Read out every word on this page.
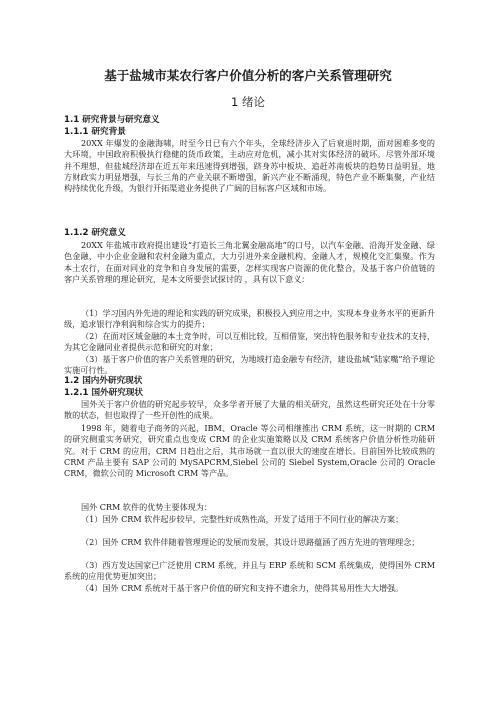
基于盐城市某农行客户价值分析的客户关系管理研究
1 绪论
1.1 研究背景与研究意义
1.1.1 研究背景

20XX 年爆发的金融海啸，时至今日已有六个年头，全球经济步入了后衰退时期，面对困难多变的大环境，中国政府积极执行稳健的货币政策，主动应对危机，减小其对实体经济的破坏。尽管外部环境并不理想，但盐城经济却在近五年来迅速得到增强，跻身苏中板块、追赶苏南板块的趋势日益明显，地方财政实力明显增强，与长三角的产业关联不断增强，新兴产业不断涌现，特色产业不断集聚，产业结构持续优化升级，为银行开拓渠道业务提供了广阔的目标客户区域和市场。

1.1.2 研究意义

20XX 年盐城市政府提出建设“打造长三角北翼金融高地”的口号，以汽车金融、沿海开发金融、绿色金融、中小企业金融和农村金融为重点，大力引进外来金融机构、金融人才，规模化交汇集聚。作为本土农行，在面对同业的竞争和自身发展的需要，怎样实现客户资源的优化整合，及基于客户价值链的客户关系管理的理论研究，是本文所要尝试探讨的 ，具有以下意义：

（1）学习国内外先进的理论和实践的研究成果，积极投入到应用之中，实现本身业务水平的更新升级，追求银行净利润和综合实力的提升；

（2）在面对区域金融的本土竞争时，可以互相比较，互相借鉴，突出特色服务和专业技术的支持，为其它金融同业者提供示范和研究的对象；

（3）基于客户价值的客户关系管理的研究，为地域打造金融专有经济，建设盐城“陆家嘴”给予理论实施可行性。

1.2 国内外研究现状
1.2.1 国外研究现状

国外关于客户价值的研究起步较早，众多学者开展了大量的相关研究，虽然这些研究还处在十分零散的状态，但也取得了一些开创性的成果。

1998 年，随着电子商务的兴起，IBM、Oracle 等公司相继推出 CRM 系统，这一时期的 CRM 的研究侧重实务研究，研究重点也变成 CRM 的企业实施策略以及 CRM 系统客户价值分析性功能研究。对于 CRM 的应用，CRM 日趋出之后，其市场就一直以很大的速度在增长。目前国外比较成熟的 CRM 产品主要有 SAP 公司的 MySAPCRM,Siebel 公司的 Siebel System,Oracle 公司的 Oracle CRM，微软公司的 Microsoft CRM 等产品。

国外 CRM 软件的优势主要体现为：

（1）国外 CRM 软件起步较早，完整性好成熟性高，开发了适用于不同行业的解决方案；

（2）国外 CRM 软件伴随着管理理论的发展而发展，其设计思路蕴涵了西方先进的管理理念；

（3）西方发达国家已广泛使用 CRM 系统，并且与 ERP 系统和 SCM 系统集成，使得国外 CRM 系统的应用优势更加突出；

（4）国外 CRM 系统对于基于客户价值的研究和支持不遗余力，使得其易用性大大增强。
